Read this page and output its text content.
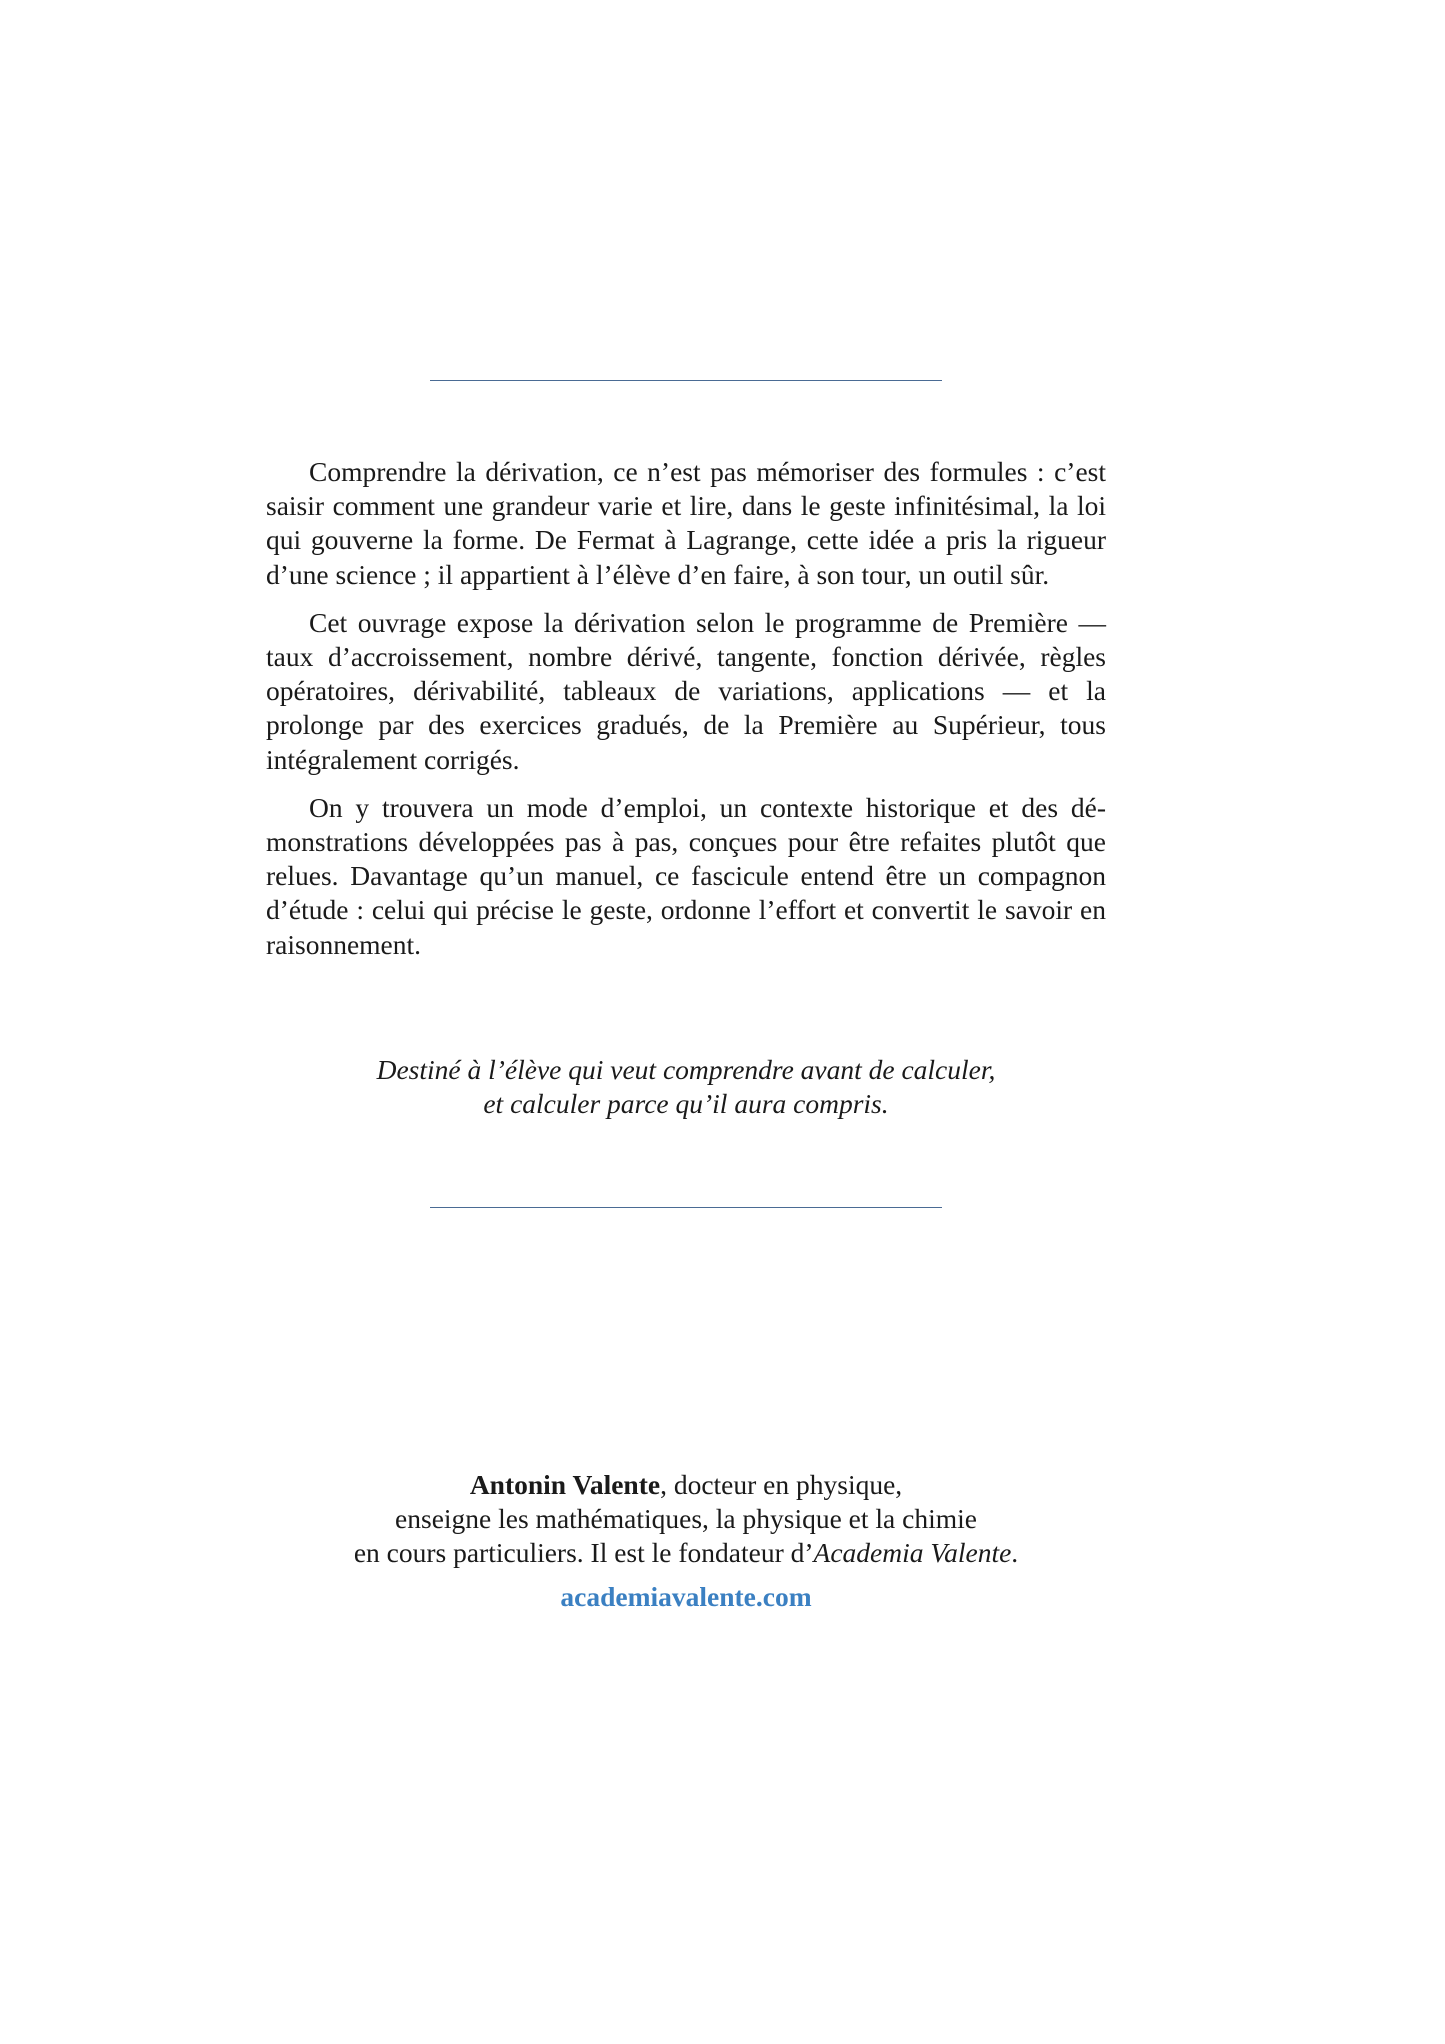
Comprendre la dérivation, ce n’est pas mémoriser des formules : c’est saisir comment une grandeur varie et lire, dans le geste infinitésimal, la loi qui gouverne la forme. De Fermat à Lagrange, cette idée a pris la rigueur d’une science ; il appartient à l’élève d’en faire, à son tour, un outil sûr.

Cet ouvrage expose la dérivation selon le programme de Première — taux d’accroissement, nombre dérivé, tangente, fonction dérivée, règles opératoires, dérivabilité, tableaux de variations, applications — et la prolonge par des exercices gradués, de la Première au Supérieur, tous intégralement corrigés.

On y trouvera un mode d’emploi, un contexte historique et des démonstrations développées pas à pas, conçues pour être refaites plutôt que relues. Davantage qu’un manuel, ce fascicule entend être un compagnon d’étude : celui qui précise le geste, ordonne l’effort et convertit le savoir en raisonnement.

Destiné à l’élève qui veut comprendre avant de calculer,
et calculer parce qu’il aura compris.
Antonin Valente, docteur en physique,
enseigne les mathématiques, la physique et la chimie
en cours particuliers. Il est le fondateur d’Academia Valente.
academiavalente.com
